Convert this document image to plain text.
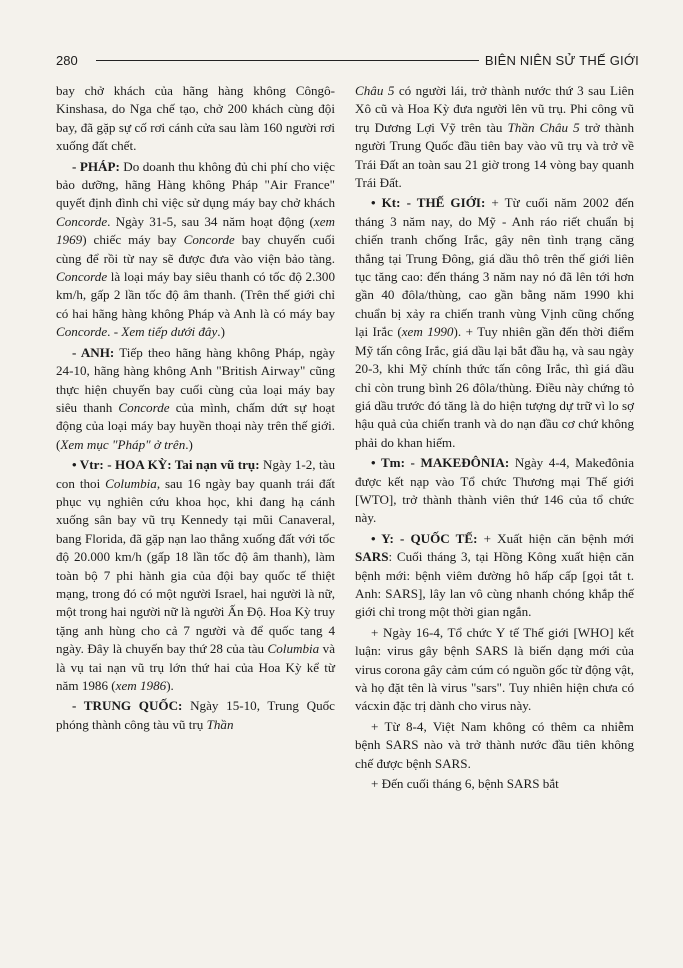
280	BIÊN NIÊN SỬ THẾ GIỚI

bay chở khách của hãng hàng không Côngô-Kinshasa, do Nga chế tạo, chở 200 khách cùng đội bay, đã gặp sự cố rơi cánh cửa sau làm 160 người rơi xuống đất chết.

- PHÁP: Do doanh thu không đủ chi phí cho việc bảo dưỡng, hãng Hàng không Pháp "Air France" quyết định đình chỉ việc sử dụng máy bay chở khách Concorde. Ngày 31-5, sau 34 năm hoạt động (xem 1969) chiếc máy bay Concorde bay chuyến cuối cùng để rồi từ nay sẽ được đưa vào viện bảo tàng. Concorde là loại máy bay siêu thanh có tốc độ 2.300 km/h, gấp 2 lần tốc độ âm thanh. (Trên thế giới chỉ có hai hãng hàng không Pháp và Anh là có máy bay Concorde. - Xem tiếp dưới đây.)

- ANH: Tiếp theo hãng hàng không Pháp, ngày 24-10, hãng hàng không Anh "British Airway" cũng thực hiện chuyến bay cuối cùng của loại máy bay siêu thanh Concorde của mình, chấm dứt sự hoạt động của loại máy bay huyền thoại này trên thế giới. (Xem mục "Pháp" ở trên.)

• Vtr: - HOA KỲ: Tai nạn vũ trụ: Ngày 1-2, tàu con thoi Columbia, sau 16 ngày bay quanh trái đất phục vụ nghiên cứu khoa học, khi đang hạ cánh xuống sân bay vũ trụ Kennedy tại mũi Canaveral, bang Florida, đã gặp nạn lao thẳng xuống đất với tốc độ 20.000 km/h (gấp 18 lần tốc độ âm thanh), làm toàn bộ 7 phi hành gia của đội bay quốc tế thiệt mạng, trong đó có một người Israel, hai người là nữ, một trong hai người nữ là người Ấn Độ. Hoa Kỳ truy tặng anh hùng cho cả 7 người và để quốc tang 4 ngày. Đây là chuyến bay thứ 28 của tàu Columbia và là vụ tai nạn vũ trụ lớn thứ hai của Hoa Kỳ kể từ năm 1986 (xem 1986).

- TRUNG QUỐC: Ngày 15-10, Trung Quốc phóng thành công tàu vũ trụ Thần

Châu 5 có người lái, trở thành nước thứ 3 sau Liên Xô cũ và Hoa Kỳ đưa người lên vũ trụ. Phi công vũ trụ Dương Lợi Vỹ trên tàu Thần Châu 5 trở thành người Trung Quốc đầu tiên bay vào vũ trụ và trở về Trái Đất an toàn sau 21 giờ trong 14 vòng bay quanh Trái Đất.

• Kt: - THẾ GIỚI: + Từ cuối năm 2002 đến tháng 3 năm nay, do Mỹ - Anh ráo riết chuẩn bị chiến tranh chống Irắc, gây nên tình trạng căng thẳng tại Trung Đông, giá dầu thô trên thế giới liên tục tăng cao: đến tháng 3 năm nay nó đã lên tới hơn gần 40 đôla/thùng, cao gần bằng năm 1990 khi chuẩn bị xảy ra chiến tranh vùng Vịnh cũng chống lại Irắc (xem 1990). + Tuy nhiên gần đến thời điểm Mỹ tấn công Irắc, giá dầu lại bắt đầu hạ, và sau ngày 20-3, khi Mỹ chính thức tấn công Irắc, thì giá dầu chỉ còn trung bình 26 đôla/thùng. Điều này chứng tỏ giá dầu trước đó tăng là do hiện tượng dự trữ vì lo sợ hậu quả của chiến tranh và do nạn đầu cơ chứ không phải do khan hiếm.

• Tm: - MAKEĐÔNIA: Ngày 4-4, Makeđônia được kết nạp vào Tổ chức Thương mại Thế giới [WTO], trở thành thành viên thứ 146 của tổ chức này.

• Y: - QUỐC TẾ: + Xuất hiện căn bệnh mới SARS: Cuối tháng 3, tại Hồng Kông xuất hiện căn bệnh mới: bệnh viêm đường hô hấp cấp [gọi tắt t. Anh: SARS], lây lan vô cùng nhanh chóng khắp thế giới chỉ trong một thời gian ngắn.

+ Ngày 16-4, Tổ chức Y tế Thế giới [WHO] kết luận: virus gây bệnh SARS là biến dạng mới của virus corona gây cảm cúm có nguồn gốc từ động vật, và họ đặt tên là virus "sars". Tuy nhiên hiện chưa có vácxin đặc trị dành cho virus này.

+ Từ 8-4, Việt Nam không có thêm ca nhiễm bệnh SARS nào và trở thành nước đầu tiên không chế được bệnh SARS.

+ Đến cuối tháng 6, bệnh SARS bắt
